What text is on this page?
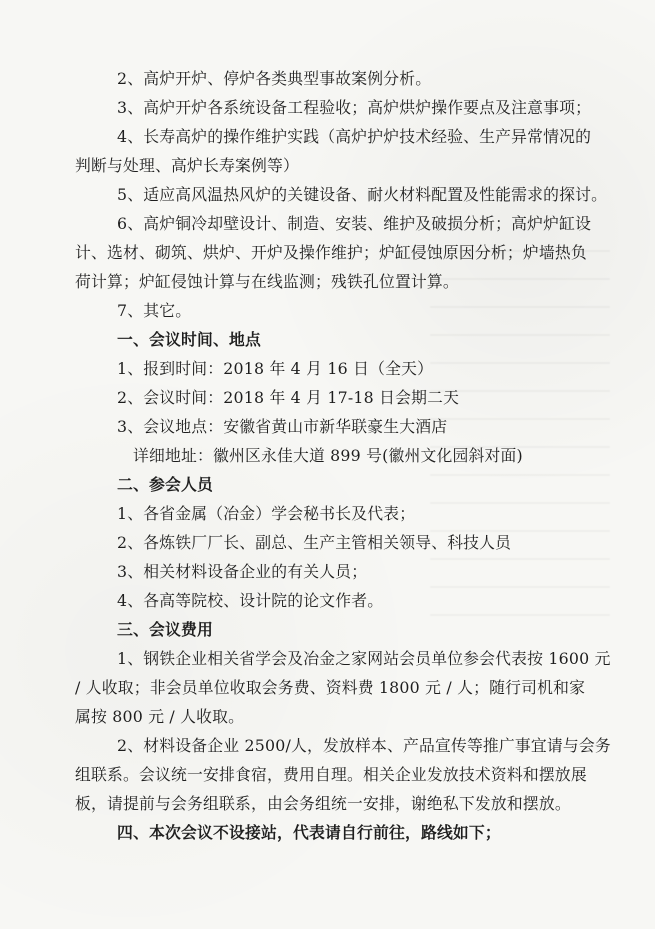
2、高炉开炉、停炉各类典型事故案例分析。
3、高炉开炉各系统设备工程验收；高炉烘炉操作要点及注意事项；
4、长寿高炉的操作维护实践（高炉护炉技术经验、生产异常情况的
判断与处理、高炉长寿案例等）
5、适应高风温热风炉的关键设备、耐火材料配置及性能需求的探讨。
6、高炉铜冷却壁设计、制造、安装、维护及破损分析；高炉炉缸设
计、选材、砌筑、烘炉、开炉及操作维护；炉缸侵蚀原因分析；炉墙热负
荷计算；炉缸侵蚀计算与在线监测；残铁孔位置计算。
7、其它。
一、会议时间、地点
1、报到时间：2018 年 4 月 16 日（全天）
2、会议时间：2018 年 4 月 17-18 日会期二天
3、会议地点：安徽省黄山市新华联豪生大酒店
详细地址：徽州区永佳大道 899 号(徽州文化园斜对面)
二、参会人员
1、各省金属（冶金）学会秘书长及代表；
2、各炼铁厂厂长、副总、生产主管相关领导、科技人员
3、相关材料设备企业的有关人员；
4、各高等院校、设计院的论文作者。
三、会议费用
1、钢铁企业相关省学会及冶金之家网站会员单位参会代表按 1600 元
/ 人收取；非会员单位收取会务费、资料费 1800 元 / 人；随行司机和家
属按 800 元 / 人收取。
2、材料设备企业 2500/人，发放样本、产品宣传等推广事宜请与会务
组联系。会议统一安排食宿，费用自理。相关企业发放技术资料和摆放展
板，请提前与会务组联系，由会务组统一安排，谢绝私下发放和摆放。
四、本次会议不设接站，代表请自行前往，路线如下；
